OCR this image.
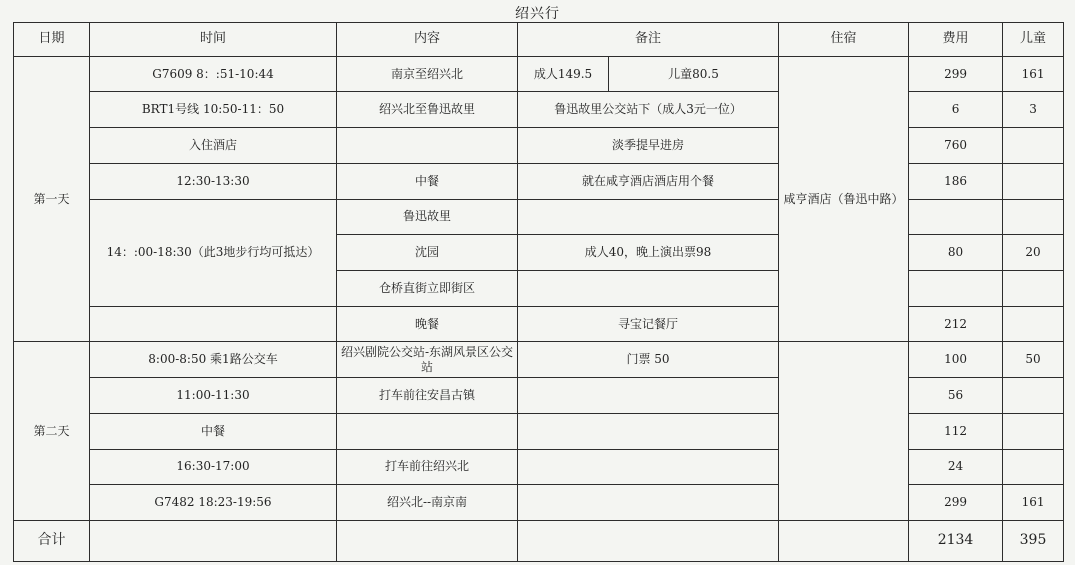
绍兴行
日期	时间	内容	备注		住宿	费用	儿童
第一天	G7609 8：:51-10:44	南京至绍兴北	成人149.5	儿童80.5	咸亨酒店（鲁迅中路）	299	161
	BRT1号线 10:50-11：50	绍兴北至鲁迅故里	鲁迅故里公交站下（成人3元一位）			6	3
	入住酒店		淡季提早进房			760	
	12:30-13:30	中餐	就在咸亨酒店酒店用个餐			186	
	14：:00-18:30（此3地步行均可抵达）	鲁迅故里					
		沈园	成人40，晚上演出票98			80	20
		仓桥直街立即街区					
		晚餐	寻宝记餐厅			212	
第二天	8:00-8:50 乘1路公交车	绍兴剧院公交站-东湖风景区公交站	门票 50			100	50
	11:00-11:30	打车前往安昌古镇				56	
	中餐					112	
	16:30-17:00	打车前往绍兴北				24	
	G7482 18:23-19:56	绍兴北--南京南				299	161
合计						2134	395
